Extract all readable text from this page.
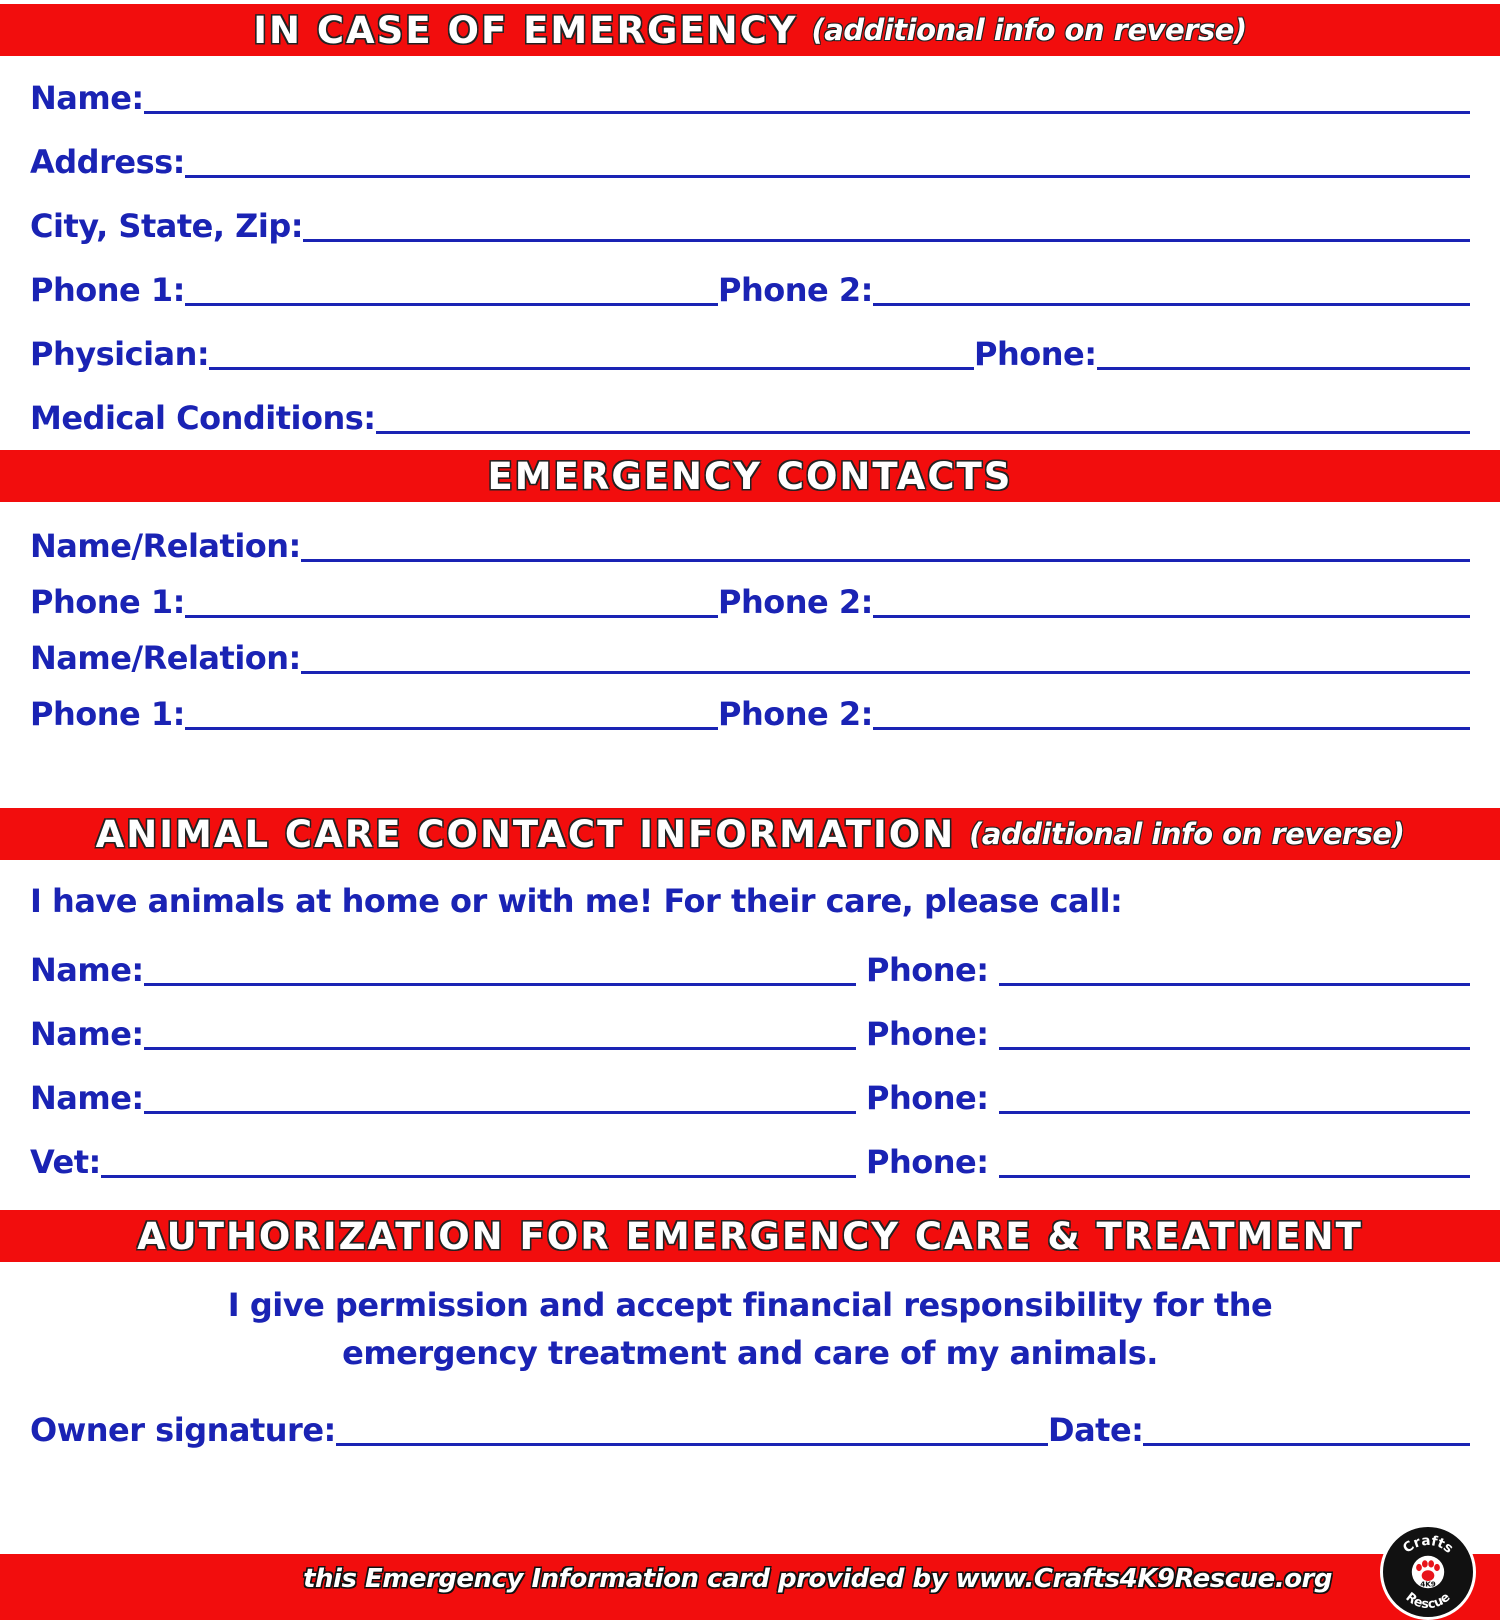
IN CASE OF EMERGENCY (additional info on reverse)
Name:
Address:
City, State, Zip:
Phone 1:	Phone 2:
Physician:	Phone:
Medical Conditions:
EMERGENCY CONTACTS
Name/Relation:
Phone 1:	Phone 2:
Name/Relation:
Phone 1:	Phone 2:
ANIMAL CARE CONTACT INFORMATION (additional info on reverse)
I have animals at home or with me! For their care, please call:
Name:	Phone:
Name:	Phone:
Name:	Phone:
Vet:	Phone:
AUTHORIZATION FOR EMERGENCY CARE & TREATMENT
I give permission and accept financial responsibility for the
emergency treatment and care of my animals.
Owner signature:	Date:
this Emergency Information card provided by www.Crafts4K9Rescue.org
Crafts
Rescue
4K9
